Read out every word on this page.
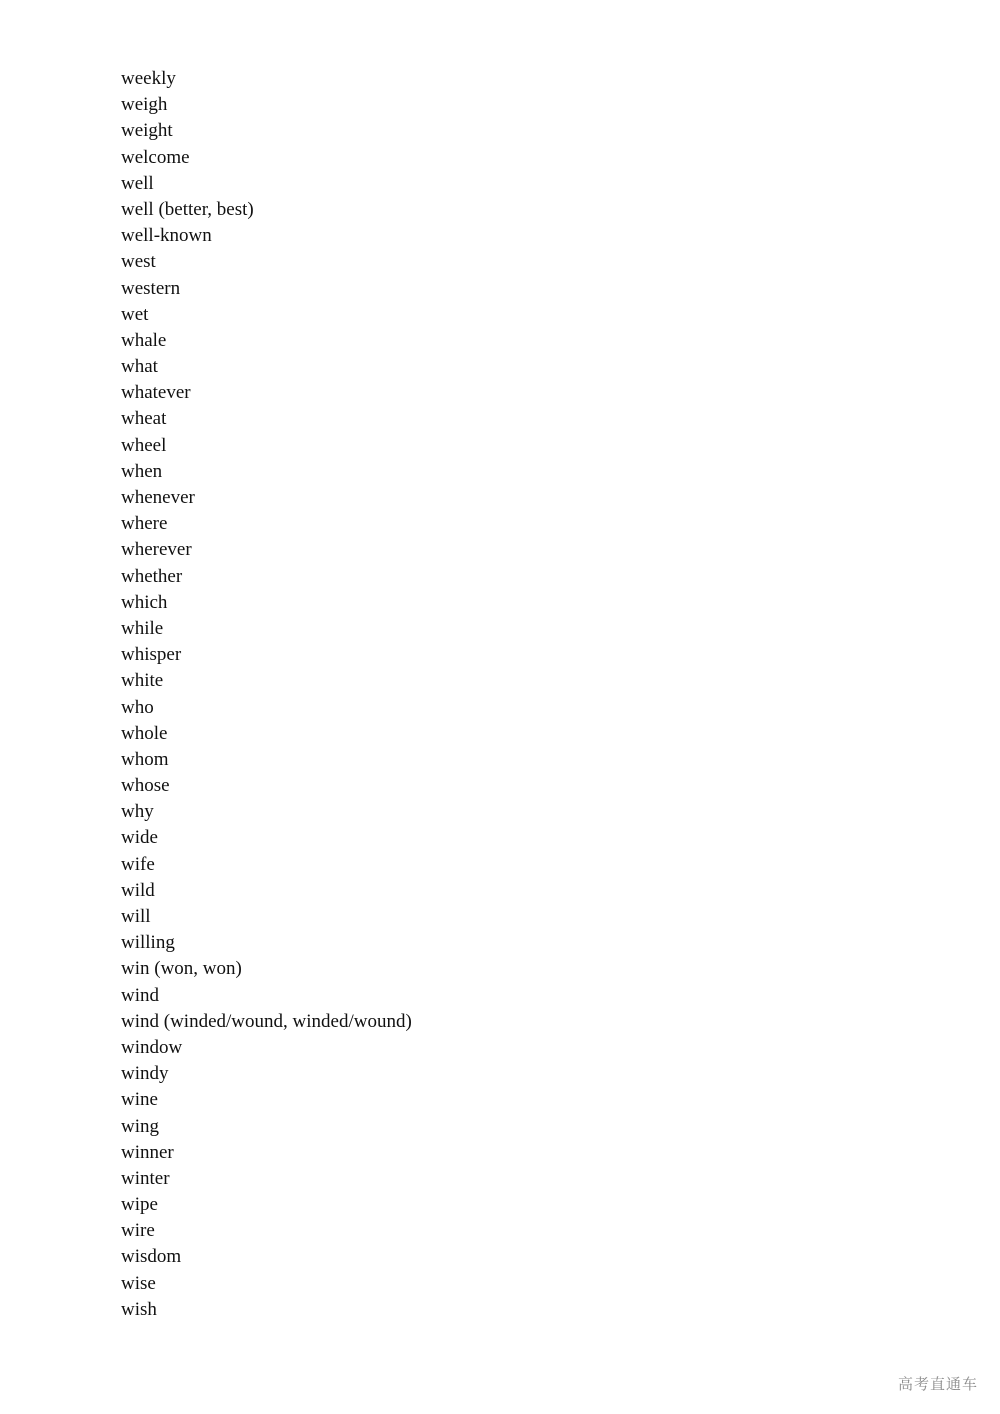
weekly
weigh
weight
welcome
well
well (better, best)
well-known
west
western
wet
whale
what
whatever
wheat
wheel
when
whenever
where
wherever
whether
which
while
whisper
white
who
whole
whom
whose
why
wide
wife
wild
will
willing
win (won, won)
wind
wind (winded/wound, winded/wound)
window
windy
wine
wing
winner
winter
wipe
wire
wisdom
wise
wish
高考直通车
